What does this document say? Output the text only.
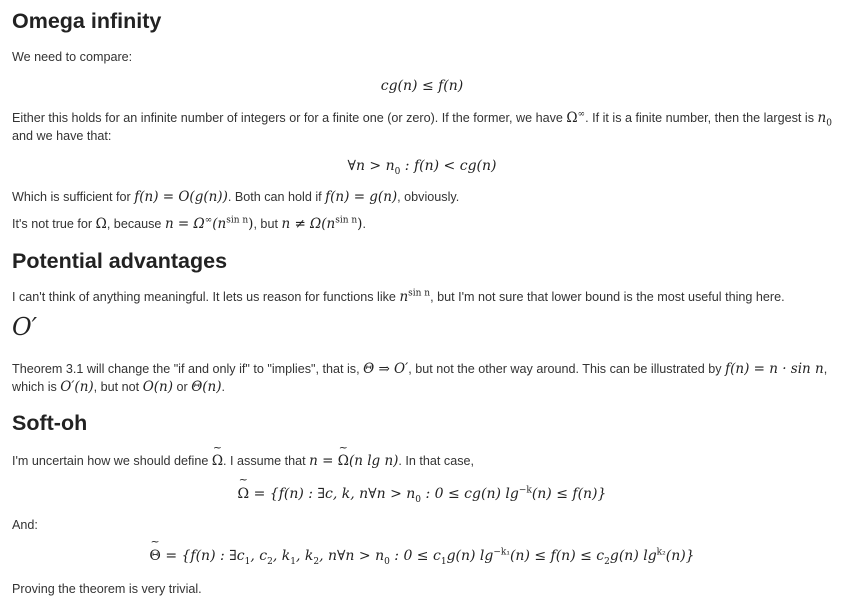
Omega infinity

We need to compare:

cg(n) ≤ f(n)

Either this holds for an infinite number of integers or for a finite one (or zero). If the former, we have Ω∞. If it is a finite number, then the largest is $n_0$
and we have that:

∀n > $n_0$ : f(n) < cg(n)

Which is sufficient for f(n) = O(g(n)). Both can hold if f(n) = g(n), obviously.

It's not true for Ω, because $n = \Omega^\infty(n^{sin n})$, but $n \ne \Omega(n^{sin n})$.

Potential advantages

I can't think of anything meaningful. It lets us reason for functions like $n^{sin n}$, but I'm not sure that lower bound is the most useful thing here.

O′

Theorem 3.1 will change the "if and only if" to "implies", that is, Θ ⇒ O′, but not the other way around. This can be illustrated by f(n) = n · sin n,
which is O′(n), but not O(n) or Θ(n).

Soft-oh

I'm uncertain how we should define ~ Ω. I assume that n = ~ Ω(n lg n). In that case,

~ Ω = {f(n) : ∃c, k, n∀n > $n_0$ : 0 ≤ cg(n) $\lg^{-k}(n) \le f(n)$}

And:

~ Θ = {f(n) : $\exists c_1$, $c_2$, $k_1$, $k_2$, n∀n > $n_0$ : $0 \le c_1g(n) \lg^{-k_1}(n) \le f(n) \le c_2g(n)$ $\lg^{k_2}(n)$}

Proving the theorem is very trivial.
